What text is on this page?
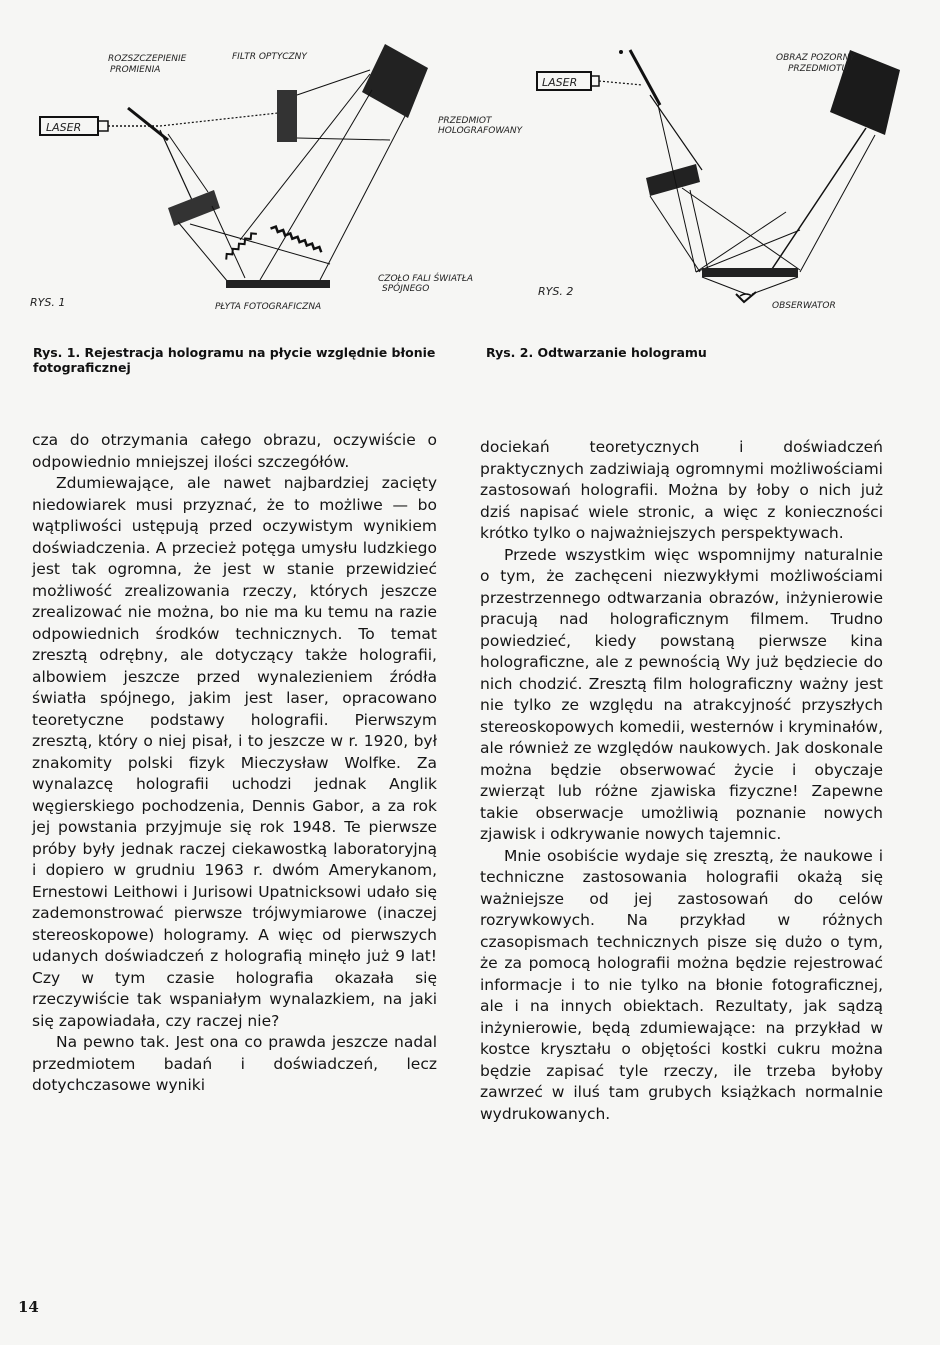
LASER
ROZSZCZEPIENIE
PROMIENIA
FILTR OPTYCZNY
PRZEDMIOT
HOLOGRAFOWANY
CZOŁO FALI ŚWIATŁA
SPÓJNEGO
PŁYTA FOTOGRAFICZNA
RYS. 1
LASER
OBRAZ POZORNY
PRZEDMIOTU
OBSERWATOR
RYS. 2
Rys. 1. Rejestracja hologramu na płycie względnie błonie fotograficznej
Rys. 2. Odtwarzanie hologramu

cza do otrzymania całego obrazu, oczywiście o odpowiednio mniejszej ilości szczegółów.

Zdumiewające, ale nawet najbardziej zacięty niedowiarek musi przyznać, że to możliwe — bo wątpliwości ustępują przed oczywistym wynikiem doświadczenia. A przecież potęga umysłu ludzkiego jest tak ogromna, że jest w stanie przewidzieć możliwość zrealizowania rzeczy, których jeszcze zrealizować nie można, bo nie ma ku temu na razie odpowiednich środków technicznych. To temat zresztą odrębny, ale dotyczący także holografii, albowiem jeszcze przed wynalezieniem źródła światła spójnego, jakim jest laser, opracowano teoretyczne podstawy holografii. Pierwszym zresztą, który o niej pisał, i to jeszcze w r. 1920, był znakomity polski fizyk Mieczysław Wolfke. Za wynalazcę holografii uchodzi jednak Anglik węgierskiego pochodzenia, Dennis Gabor, a za rok jej powstania przyjmuje się rok 1948. Te pierwsze próby były jednak raczej ciekawostką laboratoryjną i dopiero w grudniu 1963 r. dwóm Amerykanom, Ernestowi Leithowi i Jurisowi Upatnicksowi udało się zademonstrować pierwsze trójwymiarowe (inaczej stereoskopowe) hologramy. A więc od pierwszych udanych doświadczeń z holografią minęło już 9 lat! Czy w tym czasie holografia okazała się rzeczywiście tak wspaniałym wynalazkiem, na jaki się zapowiadała, czy raczej nie?

Na pewno tak. Jest ona co prawda jeszcze nadal przedmiotem badań i doświadczeń, lecz dotychczasowe wyniki

dociekań teoretycznych i doświadczeń praktycznych zadziwiają ogromnymi możliwościami zastosowań holografii. Można by łoby o nich już dziś napisać wiele stronic, a więc z konieczności krótko tylko o najważniejszych perspektywach.

Przede wszystkim więc wspomnijmy naturalnie o tym, że zachęceni niezwykłymi możliwościami przestrzennego odtwarzania obrazów, inżynierowie pracują nad holograficznym filmem. Trudno powiedzieć, kiedy powstaną pierwsze kina holograficzne, ale z pewnością Wy już będziecie do nich chodzić. Zresztą film holograficzny ważny jest nie tylko ze względu na atrakcyjność przyszłych stereoskopowych komedii, westernów i kryminałów, ale również ze względów naukowych. Jak doskonale można będzie obserwować życie i obyczaje zwierząt lub różne zjawiska fizyczne! Zapewne takie obserwacje umożliwią poznanie nowych zjawisk i odkrywanie nowych tajemnic.

Mnie osobiście wydaje się zresztą, że naukowe i techniczne zastosowania holografii okażą się ważniejsze od jej zastosowań do celów rozrywkowych. Na przykład w różnych czasopismach technicznych pisze się dużo o tym, że za pomocą holografii można będzie rejestrować informacje i to nie tylko na błonie fotograficznej, ale i na innych obiektach. Rezultaty, jak sądzą inżynierowie, będą zdumiewające: na przykład w kostce kryształu o objętości kostki cukru można będzie zapisać tyle rzeczy, ile trzeba byłoby zawrzeć w iluś tam grubych książkach normalnie wydrukowanych.

14
